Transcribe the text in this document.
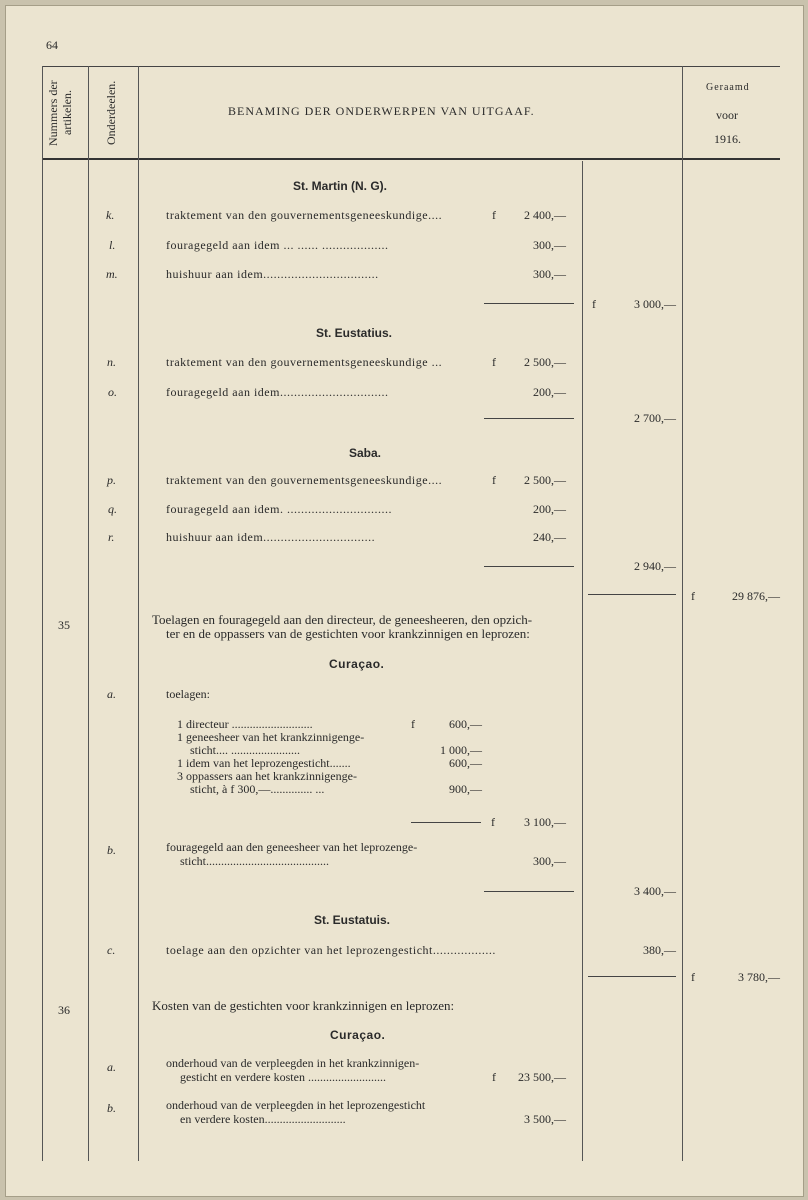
64
Nummers der artikelen.	Onderdeelen.	BENAMING DER ONDERWERPEN VAN UITGAAF.
Geraamd
voor
1916.
St. Martin (N. G).
k.	traktement van den gouvernementsgeneeskundige....	f	2 400,—
l.	fouragegeld aan idem ... ...... ...................	300,—
m.	huishuur aan idem.................................	300,—
f	3 000,—
St. Eustatius.
n.	traktement van den gouvernementsgeneeskundige ...	f	2 500,—
o.	fouragegeld aan idem...............................	200,—
2 700,—
Saba.
p.	traktement van den gouvernementsgeneeskundige....	f	2 500,—
q.	fouragegeld aan idem. ..............................	200,—
r.	huishuur aan idem................................	240,—
2 940,—
f	29 876,—
35	Toelagen en fouragegeld aan den directeur, de geneesheeren, den opzich-
ter en de oppassers van de gestichten voor krankzinnigen en leprozen:
Curaçao.
a.	toelagen:
1 directeur ...........................	f	600,—
1 geneesheer van het krankzinnigenge-
sticht.... .......................	1 000,—
1 idem van het leprozengesticht.......	600,—
3 oppassers aan het krankzinnigenge-
sticht, à f 300,—.............. ...	900,—
f	3 100,—
b.	fouragegeld aan den geneesheer van het leprozenge-
sticht.........................................	300,—
3 400,—
St. Eustatuis.
c.	toelage aan den opzichter van het leprozengesticht..................	380,—
f	3 780,—
36	Kosten van de gestichten voor krankzinnigen en leprozen:
Curaçao.
a.	onderhoud van de verpleegden in het krankzinnigen-
gesticht en verdere kosten ..........................	f	23 500,—
b.	onderhoud van de verpleegden in het leprozengesticht
en verdere kosten...........................	3 500,—
